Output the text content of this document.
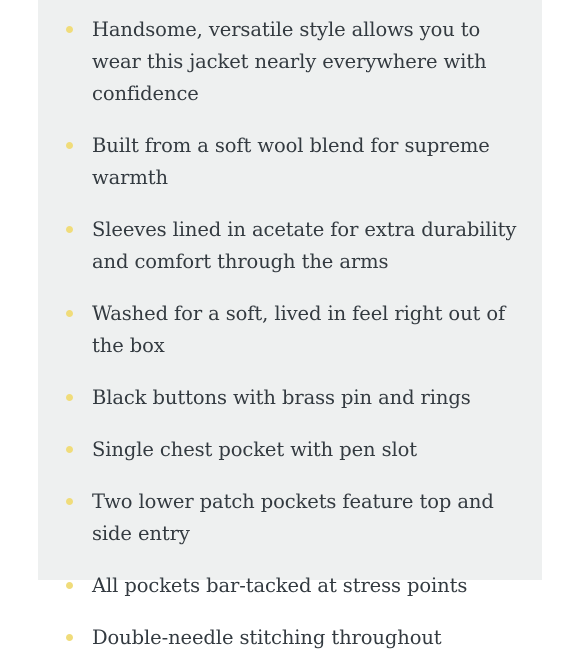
Handsome, versatile style allows you to wear this jacket nearly everywhere with confidence
Built from a soft wool blend for supreme warmth
Sleeves lined in acetate for extra durability and comfort through the arms
Washed for a soft, lived in feel right out of the box
Black buttons with brass pin and rings
Single chest pocket with pen slot
Two lower patch pockets feature top and side entry
All pockets bar-tacked at stress points
Double-needle stitching throughout
